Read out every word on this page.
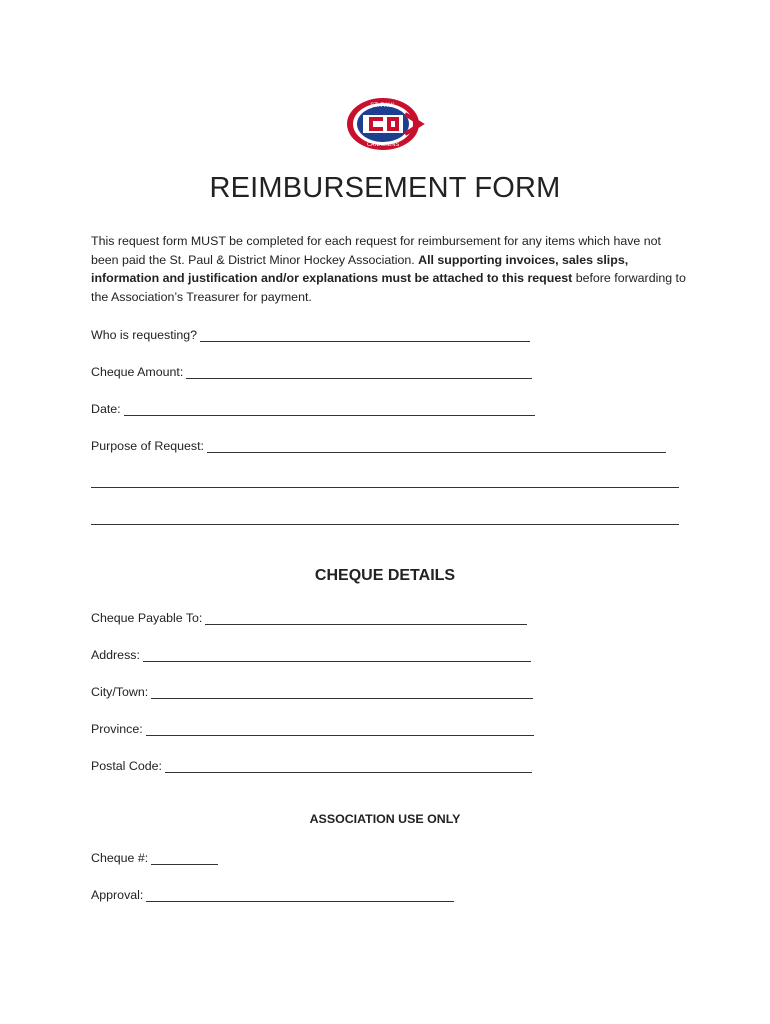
ST. PAUL
CANADIENS
REIMBURSEMENT FORM
This request form MUST be completed for each request for reimbursement for any items which have not been paid the St. Paul & District Minor Hockey Association. All supporting invoices, sales slips, information and justification and/or explanations must be attached to this request before forwarding to the Association’s Treasurer for payment.
Who is requesting?
Cheque Amount:
Date:
Purpose of Request:
CHEQUE DETAILS
Cheque Payable To:
Address:
City/Town:
Province:
Postal Code:
ASSOCIATION USE ONLY
Cheque #:
Approval:
